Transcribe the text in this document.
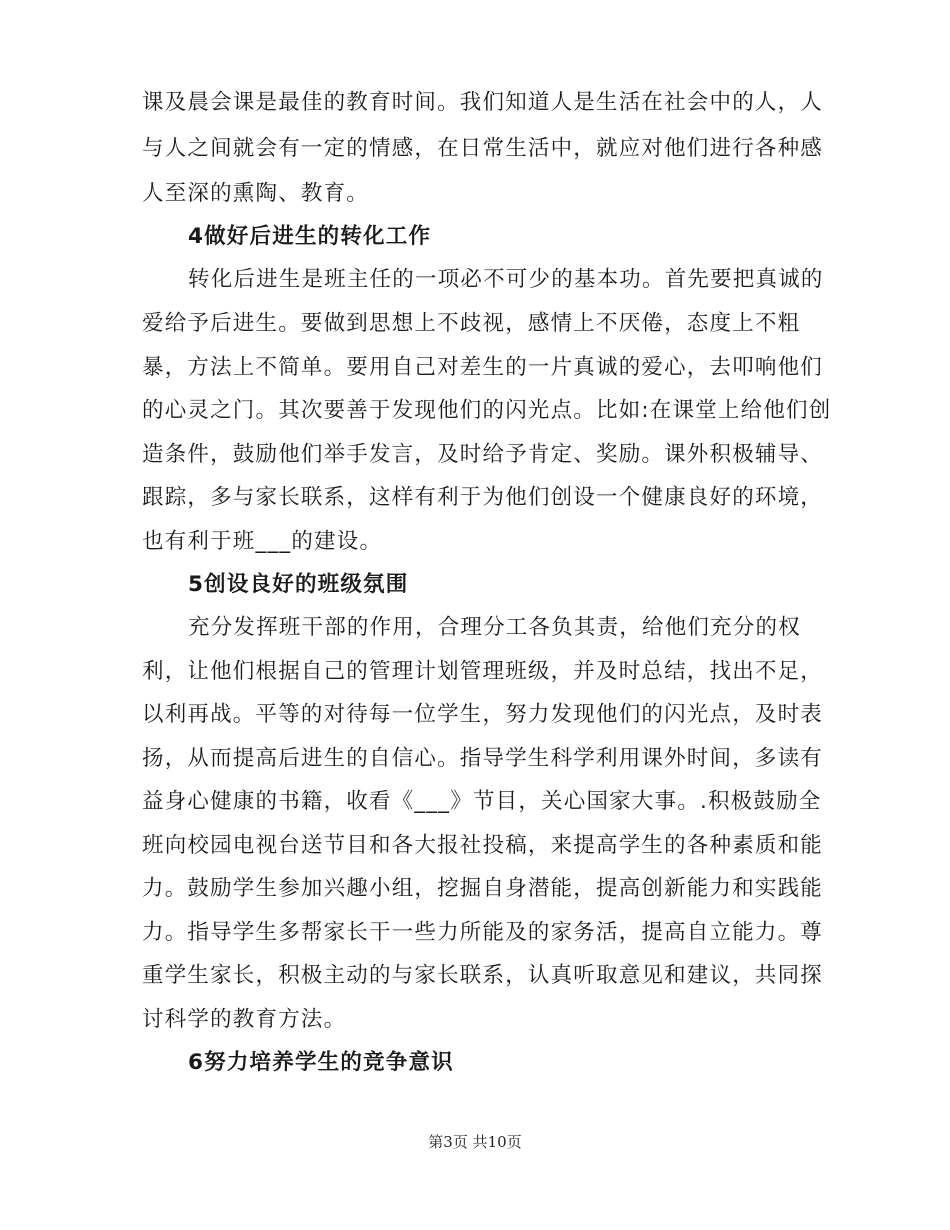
课及晨会课是最佳的教育时间。我们知道人是生活在社会中的人，人
与人之间就会有一定的情感，在日常生活中，就应对他们进行各种感
人至深的熏陶、教育。
4做好后进生的转化工作
转化后进生是班主任的一项必不可少的基本功。首先要把真诚的
爱给予后进生。要做到思想上不歧视，感情上不厌倦，态度上不粗
暴，方法上不简单。要用自己对差生的一片真诚的爱心，去叩响他们
的心灵之门。其次要善于发现他们的闪光点。比如:在课堂上给他们创
造条件，鼓励他们举手发言，及时给予肯定、奖励。课外积极辅导、
跟踪，多与家长联系，这样有利于为他们创设一个健康良好的环境，
也有利于班___的建设。
5创设良好的班级氛围
充分发挥班干部的作用，合理分工各负其责，给他们充分的权
利，让他们根据自己的管理计划管理班级，并及时总结，找出不足，
以利再战。平等的对待每一位学生，努力发现他们的闪光点，及时表
扬，从而提高后进生的自信心。指导学生科学利用课外时间，多读有
益身心健康的书籍，收看《___》节目，关心国家大事。.积极鼓励全
班向校园电视台送节目和各大报社投稿，来提高学生的各种素质和能
力。鼓励学生参加兴趣小组，挖掘自身潜能，提高创新能力和实践能
力。指导学生多帮家长干一些力所能及的家务活，提高自立能力。尊
重学生家长，积极主动的与家长联系，认真听取意见和建议，共同探
讨科学的教育方法。
6努力培养学生的竞争意识
第3页 共10页
